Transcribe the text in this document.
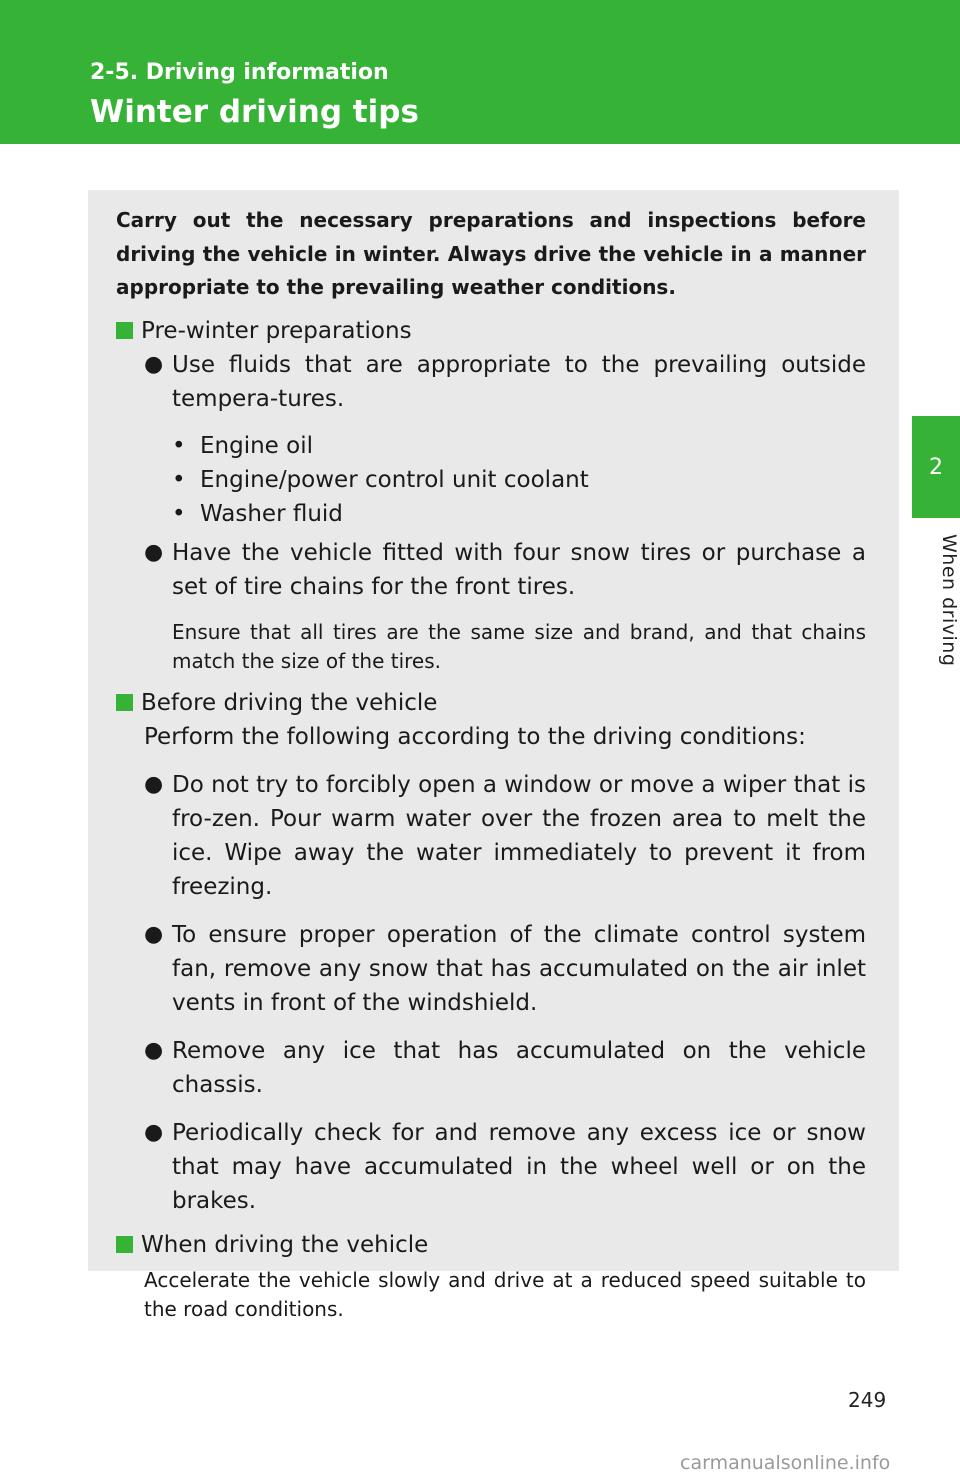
2-5. Driving information
Winter driving tips
2
When driving

Carry out the necessary preparations and inspections before driving the vehicle in winter. Always drive the vehicle in a manner appropriate to the prevailing weather conditions.

Pre-winter preparations

● Use fluids that are appropriate to the prevailing outside tempera-tures.
• Engine oil
• Engine/power control unit coolant
• Washer fluid
● Have the vehicle fitted with four snow tires or purchase a set of tire chains for the front tires.

Ensure that all tires are the same size and brand, and that chains match the size of the tires.

Before driving the vehicle

Perform the following according to the driving conditions:

● Do not try to forcibly open a window or move a wiper that is fro-zen. Pour warm water over the frozen area to melt the ice. Wipe away the water immediately to prevent it from freezing.
● To ensure proper operation of the climate control system fan, remove any snow that has accumulated on the air inlet vents in front of the windshield.
● Remove any ice that has accumulated on the vehicle chassis.
● Periodically check for and remove any excess ice or snow that may have accumulated in the wheel well or on the brakes.

When driving the vehicle

Accelerate the vehicle slowly and drive at a reduced speed suitable to the road conditions.

249
carmanualsonline.info
